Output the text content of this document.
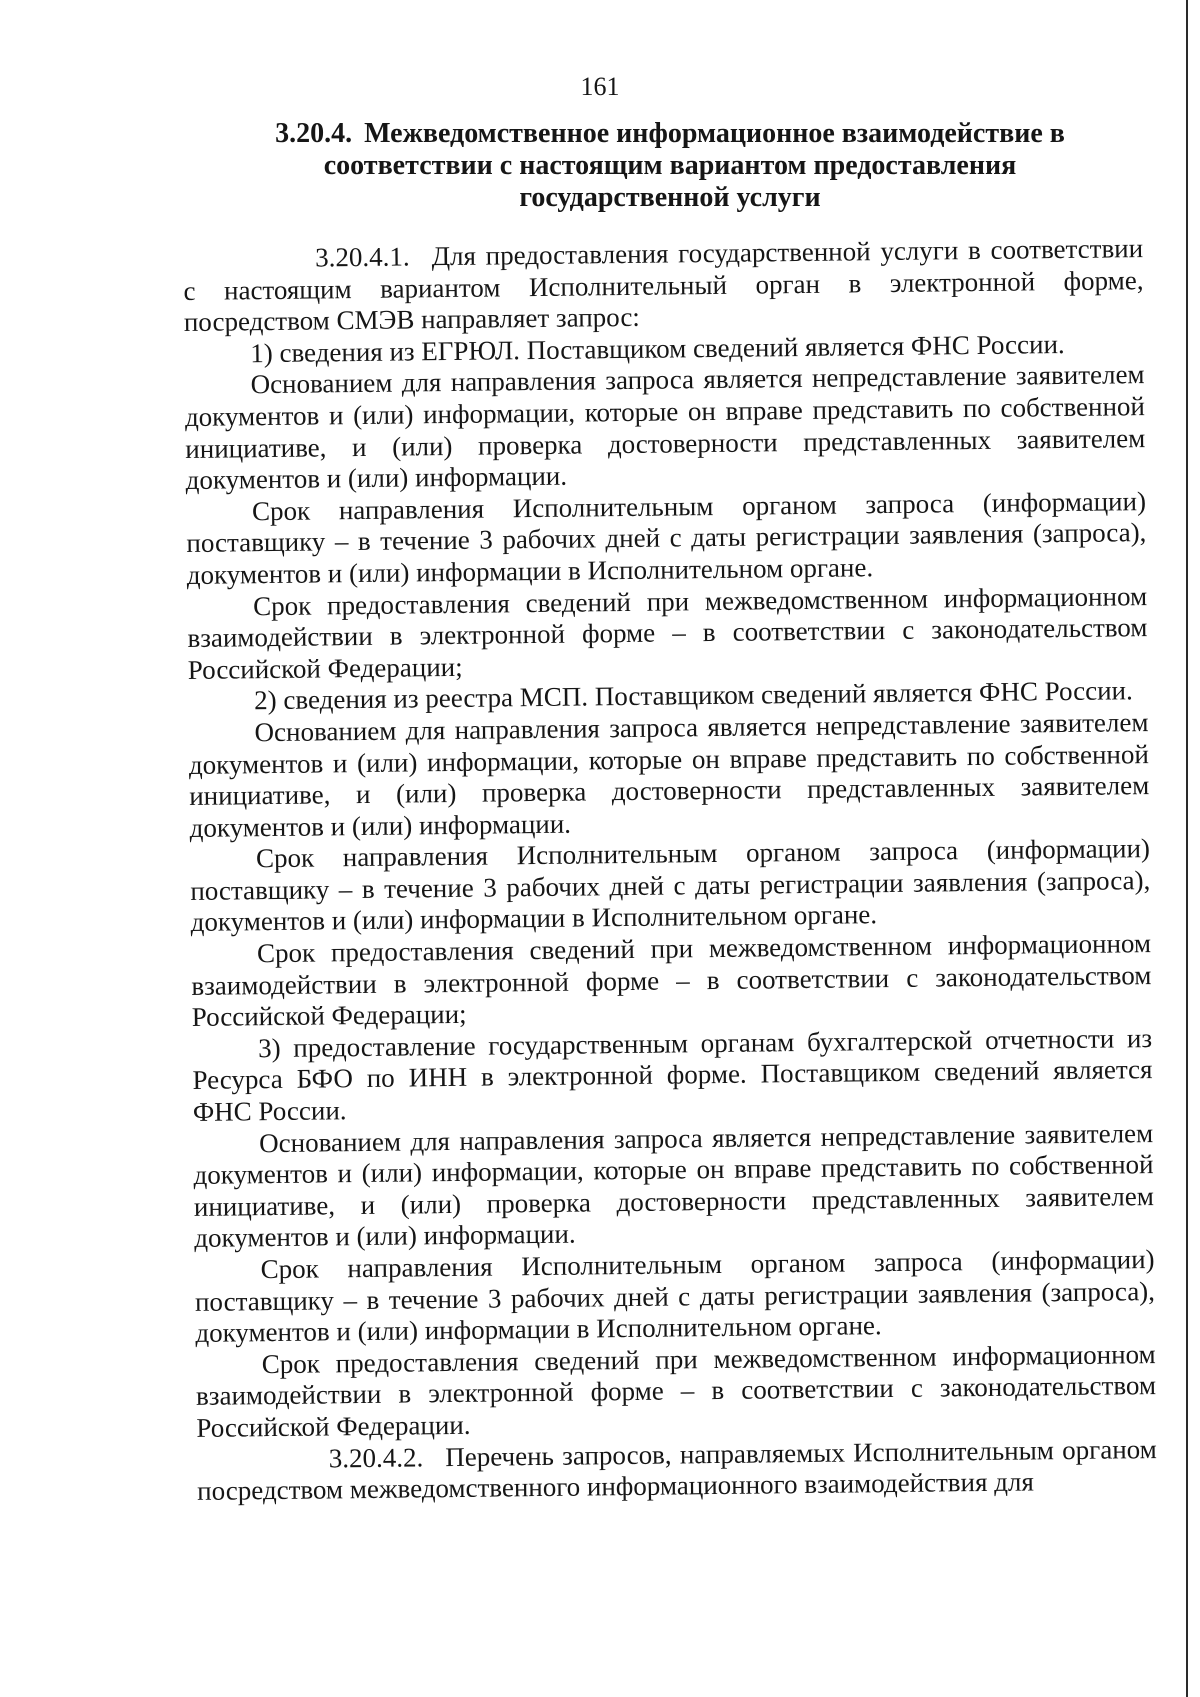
161
3.20.4. Межведомственное информационное взаимодействие в
соответствии с настоящим вариантом предоставления
государственной услуги

3.20.4.1. Для предоставления государственной услуги в соответствии с настоящим вариантом Исполнительный орган в электронной форме, посредством СМЭВ направляет запрос:

1) сведения из ЕГРЮЛ. Поставщиком сведений является ФНС России.

Основанием для направления запроса является непредставление заявителем документов и (или) информации, которые он вправе представить по собственной инициативе, и (или) проверка достоверности представленных заявителем документов и (или) информации.

Срок направления Исполнительным органом запроса (информации) поставщику – в течение 3 рабочих дней с даты регистрации заявления (запроса), документов и (или) информации в Исполнительном органе.

Срок предоставления сведений при межведомственном информационном взаимодействии в электронной форме – в соответствии с законодательством Российской Федерации;

2) сведения из реестра МСП. Поставщиком сведений является ФНС России.

Основанием для направления запроса является непредставление заявителем документов и (или) информации, которые он вправе представить по собственной инициативе, и (или) проверка достоверности представленных заявителем документов и (или) информации.

Срок направления Исполнительным органом запроса (информации) поставщику – в течение 3 рабочих дней с даты регистрации заявления (запроса), документов и (или) информации в Исполнительном органе.

Срок предоставления сведений при межведомственном информационном взаимодействии в электронной форме – в соответствии с законодательством Российской Федерации;

3) предоставление государственным органам бухгалтерской отчетности из Ресурса БФО по ИНН в электронной форме. Поставщиком сведений является ФНС России.

Основанием для направления запроса является непредставление заявителем документов и (или) информации, которые он вправе представить по собственной инициативе, и (или) проверка достоверности представленных заявителем документов и (или) информации.

Срок направления Исполнительным органом запроса (информации) поставщику – в течение 3 рабочих дней с даты регистрации заявления (запроса), документов и (или) информации в Исполнительном органе.

Срок предоставления сведений при межведомственном информационном взаимодействии в электронной форме – в соответствии с законодательством Российской Федерации.

3.20.4.2. Перечень запросов, направляемых Исполнительным органом посредством межведомственного информационного взаимодействия для
